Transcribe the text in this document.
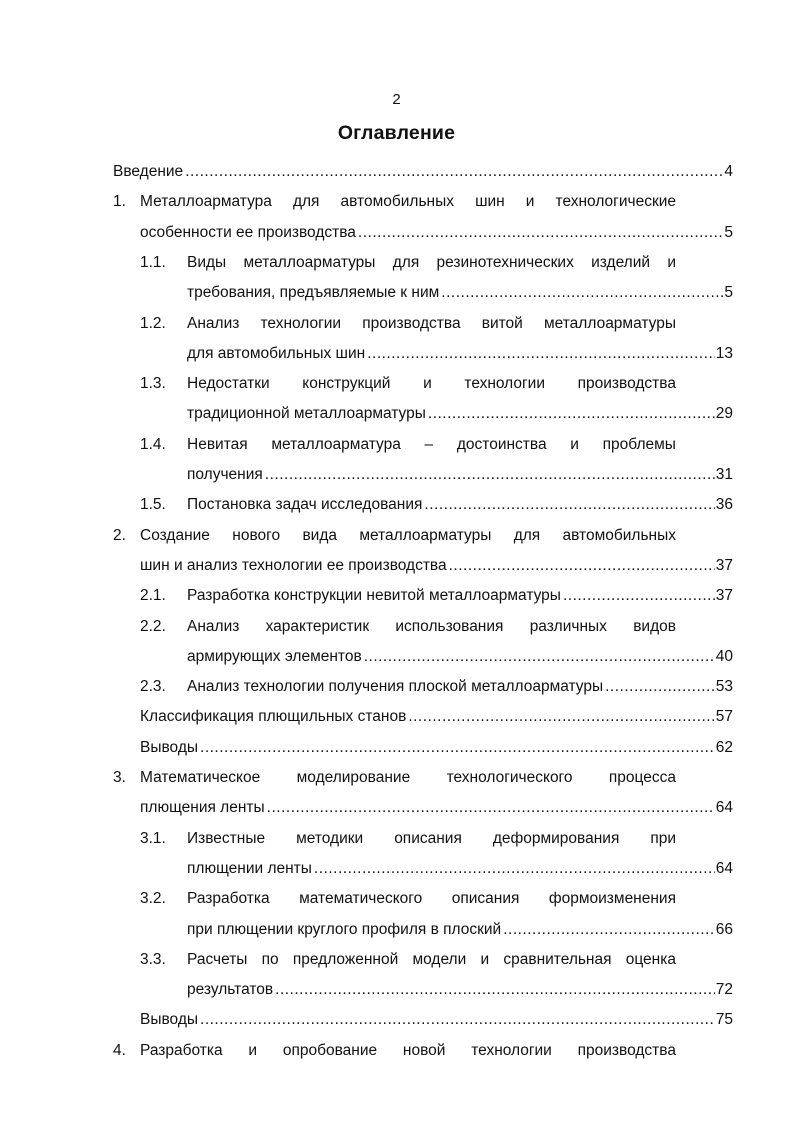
2
Оглавление
Введение .....	4
1. Металлоарматура для автомобильных шин и технологические
особенности ее производства .....	5
1.1. Виды металлоарматуры для резинотехнических изделий и
требования, предъявляемые к ним .....	5
1.2. Анализ технологии производства витой металлоарматуры
для автомобильных шин .....	13
1.3. Недостатки конструкций и технологии производства
традиционной металлоарматуры .....	29
1.4. Невитая металлоарматура – достоинства и проблемы
получения .....	31
1.5. Постановка задач исследования .....	36
2. Создание нового вида металлоарматуры для автомобильных
шин и анализ технологии ее производства .....	37
2.1. Разработка конструкции невитой металлоарматуры .....	37
2.2. Анализ характеристик использования различных видов
армирующих элементов .....	40
2.3. Анализ технологии получения плоской металлоарматуры .....	53
Классификация плющильных станов .....	57
Выводы .....	62
3. Математическое моделирование технологического процесса
плющения ленты .....	64
3.1. Известные методики описания деформирования при
плющении ленты .....	64
3.2. Разработка математического описания формоизменения
при плющении круглого профиля в плоский .....	66
3.3. Расчеты по предложенной модели и сравнительная оценка
результатов .....	72
Выводы .....	75
4. Разработка и опробование новой технологии производства
